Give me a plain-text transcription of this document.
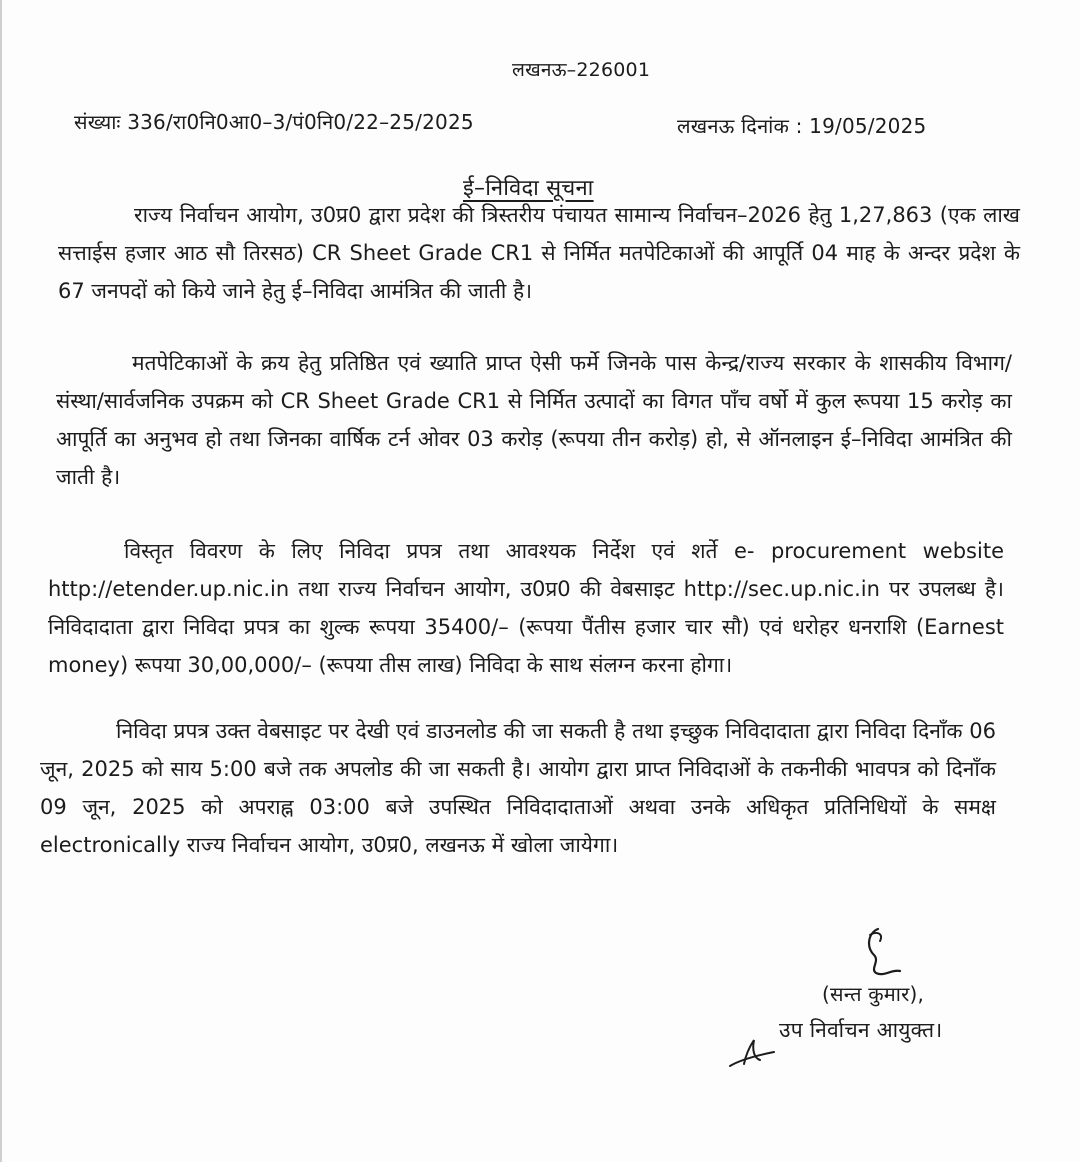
लखनऊ–226001
संख्याः 336/रा0नि0आ0–3/पं0नि0/22–25/2025	लखनऊ दिनांक : 19/05/2025
ई–निविदा सूचना

राज्य निर्वाचन आयोग, उ0प्र0 द्वारा प्रदेश की त्रिस्तरीय पंचायत सामान्य निर्वाचन–2026 हेतु 1,27,863 (एक लाख सत्ताईस हजार आठ सौ तिरसठ) CR Sheet Grade CR1 से निर्मित मतपेटिकाओं की आपूर्ति 04 माह के अन्दर प्रदेश के 67 जनपदों को किये जाने हेतु ई–निविदा आमंत्रित की जाती है।

मतपेटिकाओं के क्रय हेतु प्रतिष्ठित एवं ख्याति प्राप्त ऐसी फर्मे जिनके पास केन्द्र/राज्य सरकार के शासकीय विभाग/संस्था/सार्वजनिक उपक्रम को CR Sheet Grade CR1 से निर्मित उत्पादों का विगत पाँच वर्षो में कुल रूपया 15 करोड़ का आपूर्ति का अनुभव हो तथा जिनका वार्षिक टर्न ओवर 03 करोड़ (रूपया तीन करोड़) हो, से ऑनलाइन ई–निविदा आमंत्रित की जाती है।

विस्तृत विवरण के लिए निविदा प्रपत्र तथा आवश्यक निर्देश एवं शर्ते e- procurement website http://etender.up.nic.in तथा राज्य निर्वाचन आयोग, उ0प्र0 की वेबसाइट http://sec.up.nic.in पर उपलब्ध है। निविदादाता द्वारा निविदा प्रपत्र का शुल्क रूपया 35400/– (रूपया पैंतीस हजार चार सौ) एवं धरोहर धनराशि (Earnest money) रूपया 30,00,000/– (रूपया तीस लाख) निविदा के साथ संलग्न करना होगा।

निविदा प्रपत्र उक्त वेबसाइट पर देखी एवं डाउनलोड की जा सकती है तथा इच्छुक निविदादाता द्वारा निविदा दिनाँक 06 जून, 2025 को साय 5:00 बजे तक अपलोड की जा सकती है। आयोग द्वारा प्राप्त निविदाओं के तकनीकी भावपत्र को दिनाँक 09 जून, 2025 को अपराह्न 03:00 बजे उपस्थित निविदादाताओं अथवा उनके अधिकृत प्रतिनिधियों के समक्ष electronically राज्य निर्वाचन आयोग, उ0प्र0, लखनऊ में खोला जायेगा।

(सन्त कुमार),
उप निर्वाचन आयुक्त।
